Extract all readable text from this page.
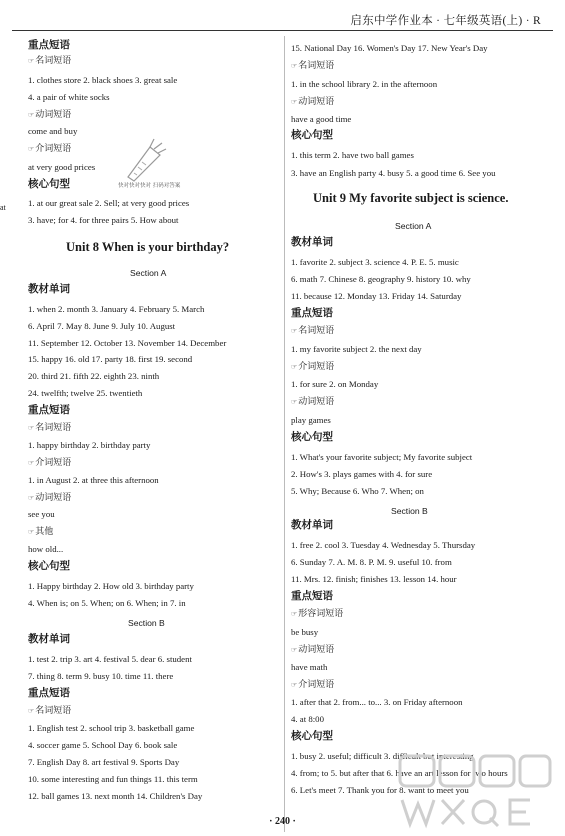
启东中学作业本 · 七年级英语(上) · R
at
重点短语
☞名词短语
1. clothes store 2. black shoes 3. great sale
4. a pair of white socks
☞动词短语
come and buy
☞介词短语
at very good prices
核心句型
1. at our great sale 2. Sell; at very good prices
3. have; for 4. for three pairs 5. How about
Unit 8 When is your birthday?
Section A
教材单词
1. when 2. month 3. January 4. February 5. March
6. April 7. May 8. June 9. July 10. August
11. September 12. October 13. November 14. December
15. happy 16. old 17. party 18. first 19. second
20. third 21. fifth 22. eighth 23. ninth
24. twelfth; twelve 25. twentieth
重点短语
☞名词短语
1. happy birthday 2. birthday party
☞介词短语
1. in August 2. at three this afternoon
☞动词短语
see you
☞其他
how old...
核心句型
1. Happy birthday 2. How old 3. birthday party
4. When is; on 5. When; on 6. When; in 7. in
Section B
教材单词
1. test 2. trip 3. art 4. festival 5. dear 6. student
7. thing 8. term 9. busy 10. time 11. there
重点短语
☞名词短语
1. English test 2. school trip 3. basketball game
4. soccer game 5. School Day 6. book sale
7. English Day 8. art festival 9. Sports Day
10. some interesting and fun things 11. this term
12. ball games 13. next month 14. Children's Day
快对快对快对 扫码对答案
15. National Day 16. Women's Day 17. New Year's Day
☞名词短语
1. in the school library 2. in the afternoon
☞动词短语
have a good time
核心句型
1. this term 2. have two ball games
3. have an English party 4. busy 5. a good time 6. See you
Unit 9 My favorite subject is science.
Section A
教材单词
1. favorite 2. subject 3. science 4. P. E. 5. music
6. math 7. Chinese 8. geography 9. history 10. why
11. because 12. Monday 13. Friday 14. Saturday
重点短语
☞名词短语
1. my favorite subject 2. the next day
☞介词短语
1. for sure 2. on Monday
☞动词短语
play games
核心句型
1. What's your favorite subject; My favorite subject
2. How's 3. plays games with 4. for sure
5. Why; Because 6. Who 7. When; on
Section B
教材单词
1. free 2. cool 3. Tuesday 4. Wednesday 5. Thursday
6. Sunday 7. A. M. 8. P. M. 9. useful 10. from
11. Mrs. 12. finish; finishes 13. lesson 14. hour
重点短语
☞形容词短语
be busy
☞动词短语
have math
☞介词短语
1. after that 2. from... to... 3. on Friday afternoon
4. at 8:00
核心句型
1. busy 2. useful; difficult 3. difficult but interesting
4. from; to 5. but after that 6. have an art lesson for two hours
6. Let's meet 7. Thank you for 8. want to meet you
· 240 ·
